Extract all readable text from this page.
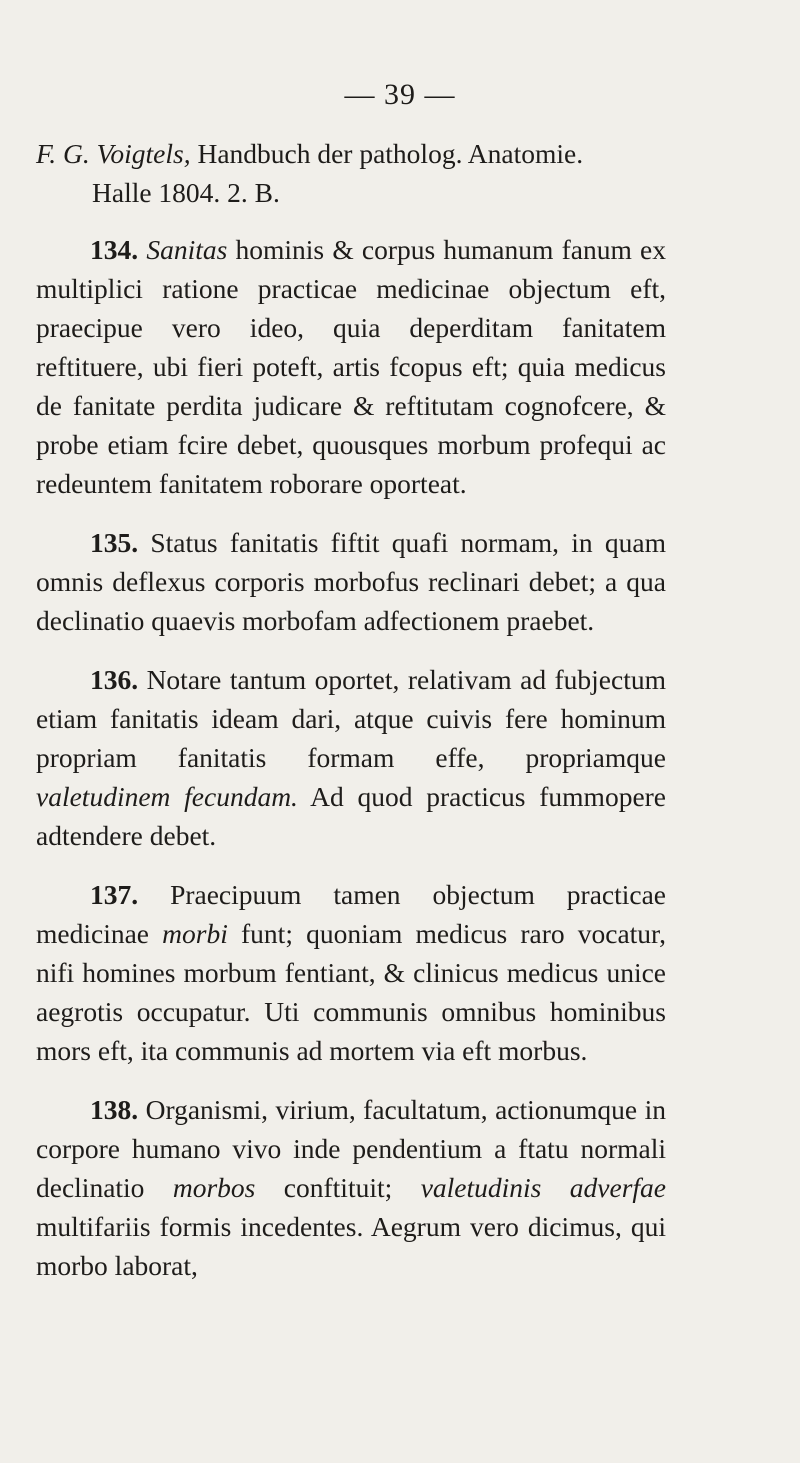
— 39 —

F. G. Voigtels, Handbuch der patholog. Anatomie.
Halle 1804. 2. B.

134. Sanitas hominis & corpus humanum fanum ex multiplici ratione practicae medicinae objectum eft, praecipue vero ideo, quia deperditam fanitatem reftituere, ubi fieri poteft, artis fcopus eft; quia medicus de fanitate perdita judicare & reftitutam cognofcere, & probe etiam fcire debet, quousques morbum profequi ac redeuntem fanitatem roborare oporteat.

135. Status fanitatis fiftit quafi normam, in quam omnis deflexus corporis morbofus reclinari debet; a qua declinatio quaevis morbofam adfectionem praebet.

136. Notare tantum oportet, relativam ad fubjectum etiam fanitatis ideam dari, atque cuivis fere hominum propriam fanitatis formam effe, propriamque valetudinem fecundam. Ad quod practicus fummopere adtendere debet.

137. Praecipuum tamen objectum practicae medicinae morbi funt; quoniam medicus raro vocatur, nifi homines morbum fentiant, & clinicus medicus unice aegrotis occupatur. Uti communis omnibus hominibus mors eft, ita communis ad mortem via eft morbus.

138. Organismi, virium, facultatum, actionumque in corpore humano vivo inde pendentium a ftatu normali declinatio morbos conftituit; valetudinis adverfae multifariis formis incedentes. Aegrum vero dicimus, qui morbo laborat,
